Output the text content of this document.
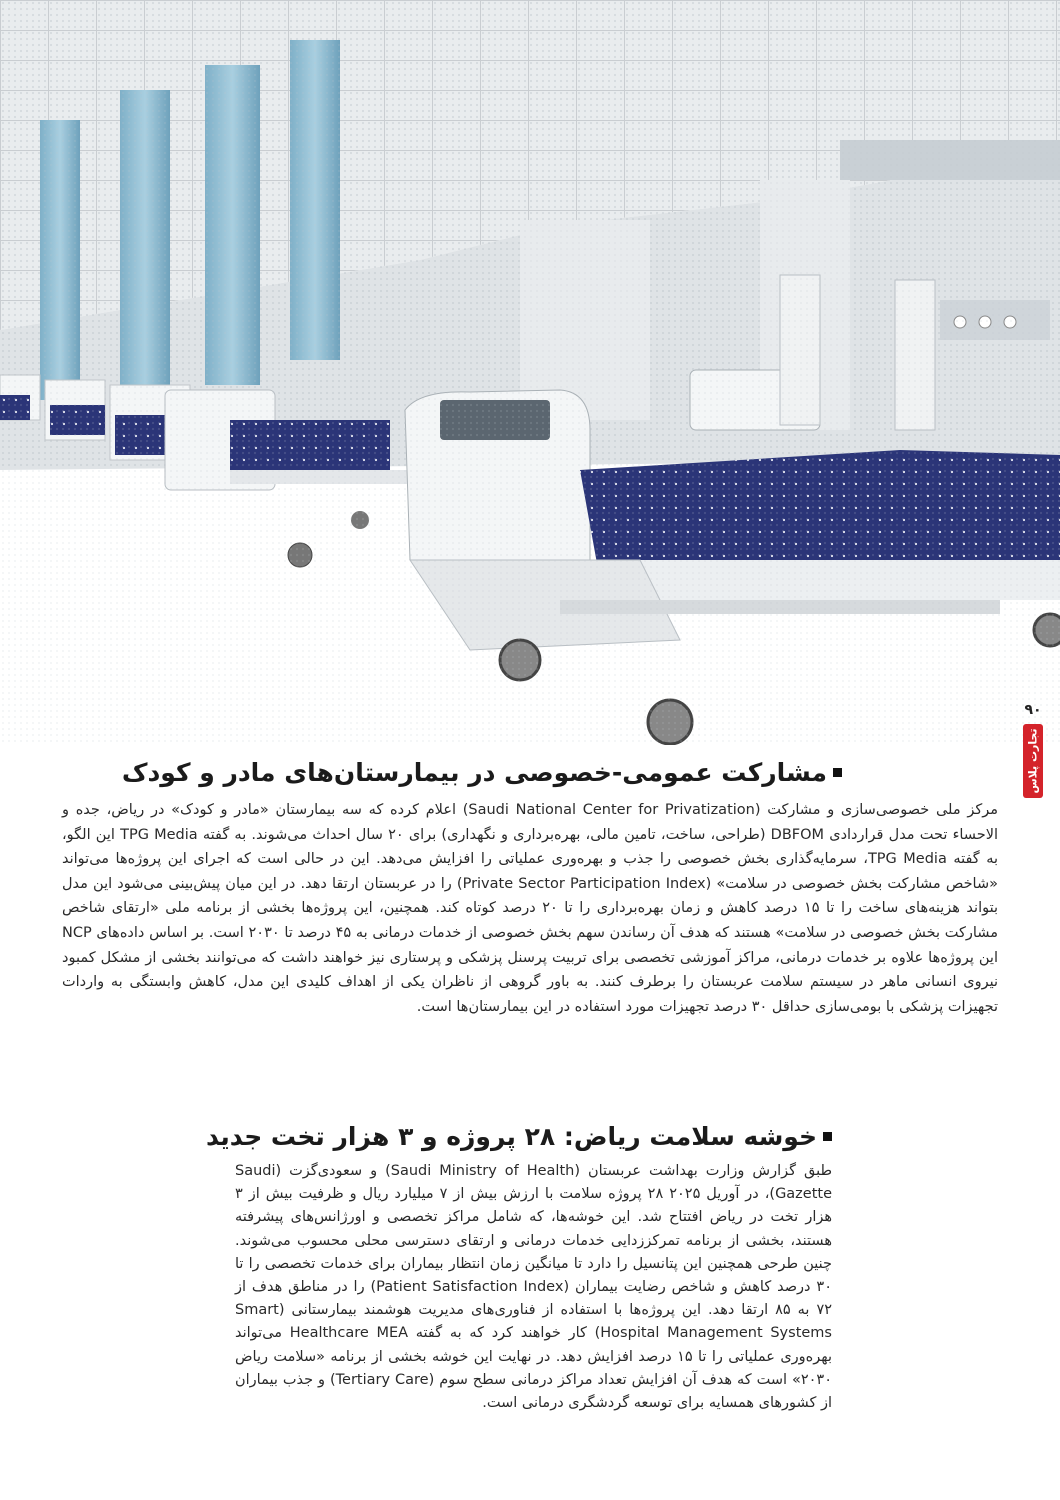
۹۰
تجارت پلاس
مشارکت عمومی-خصوصی در بیمارستان‌های مادر و کودک

مرکز ملی خصوصی‌سازی و مشارکت (Saudi National Center for Privatization) اعلام کرده که سه بیمارستان «مادر و کودک» در ریاض، جده و الاحساء تحت مدل قراردادی DBFOM (طراحی، ساخت، تامین مالی، بهره‌برداری و نگهداری) برای ۲۰ سال احداث می‌شوند. به گفته TPG Media این الگو، به گفته TPG Media، سرمایه‌گذاری بخش خصوصی را جذب و بهره‌وری عملیاتی را افزایش می‌دهد. این در حالی است که اجرای این پروژه‌ها می‌تواند «شاخص مشارکت بخش خصوصی در سلامت» (Private Sector Participation Index) را در عربستان ارتقا دهد. در این میان پیش‌بینی می‌شود این مدل بتواند هزینه‌های ساخت را تا ۱۵ درصد کاهش و زمان بهره‌برداری را تا ۲۰ درصد کوتاه کند. همچنین، این پروژه‌ها بخشی از برنامه ملی «ارتقای شاخص مشارکت بخش خصوصی در سلامت» هستند که هدف آن رساندن سهم بخش خصوصی از خدمات درمانی به ۴۵ درصد تا ۲۰۳۰ است. بر اساس داده‌های NCP این پروژه‌ها علاوه بر خدمات درمانی، مراکز آموزشی تخصصی برای تربیت پرسنل پزشکی و پرستاری نیز خواهند داشت که می‌توانند بخشی از مشکل کمبود نیروی انسانی ماهر در سیستم سلامت عربستان را برطرف کنند. به باور گروهی از ناظران یکی از اهداف کلیدی این مدل، کاهش وابستگی به واردات تجهیزات پزشکی با بومی‌سازی حداقل ۳۰ درصد تجهیزات مورد استفاده در این بیمارستان‌ها است.

خوشه سلامت ریاض: ۲۸ پروژه و ۳ هزار تخت جدید

طبق گزارش وزارت بهداشت عربستان (Saudi Ministry of Health) و سعودی‌گزت (Saudi Gazette)، در آوریل ۲۰۲۵ ۲۸ پروژه سلامت با ارزش بیش از ۷ میلیارد ریال و ظرفیت بیش از ۳ هزار تخت در ریاض افتتاح شد. این خوشه‌ها، که شامل مراکز تخصصی و اورژانس‌های پیشرفته هستند، بخشی از برنامه تمرکززدایی خدمات درمانی و ارتقای دسترسی محلی محسوب می‌شوند. چنین طرحی همچنین این پتانسیل را دارد تا میانگین زمان انتظار بیماران برای خدمات تخصصی را تا ۳۰ درصد کاهش و شاخص رضایت بیماران (Patient Satisfaction Index) را در مناطق هدف از ۷۲ به ۸۵ ارتقا دهد. این پروژه‌ها با استفاده از فناوری‌های مدیریت هوشمند بیمارستانی (Smart Hospital Management Systems) کار خواهند کرد که به گفته Healthcare MEA می‌تواند بهره‌وری عملیاتی را تا ۱۵ درصد افزایش دهد. در نهایت این خوشه بخشی از برنامه «سلامت ریاض ۲۰۳۰» است که هدف آن افزایش تعداد مراکز درمانی سطح سوم (Tertiary Care) و جذب بیماران از کشورهای همسایه برای توسعه گردشگری درمانی است.
